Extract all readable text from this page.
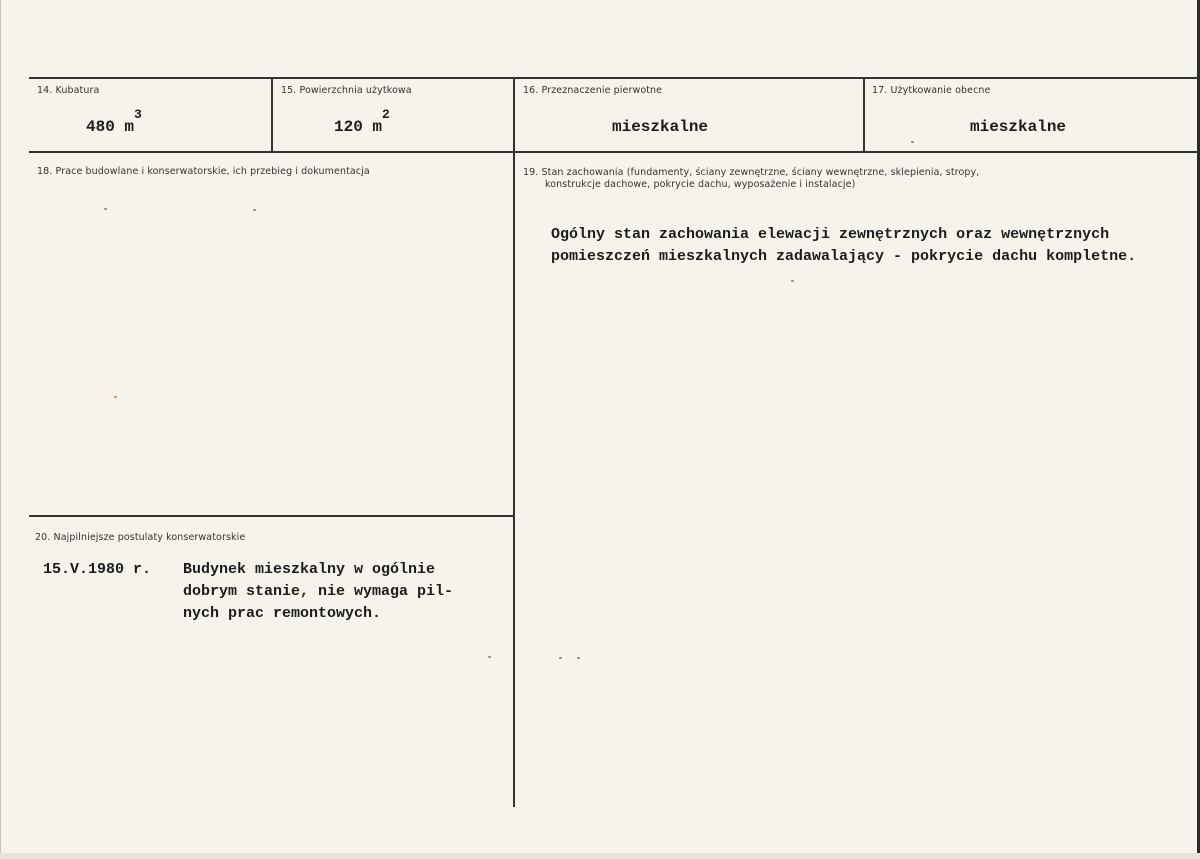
14. Kubatura
480 $m^3$
15. Powierzchnia użytkowa
120 $m^2$
16. Przeznaczenie pierwotne
mieszkalne
17. Użytkowanie obecne
mieszkalne
18. Prace budowlane i konserwatorskie, ich przebieg i dokumentacja	19. Stan zachowania (fundamenty, ściany zewnętrzne, ściany wewnętrzne, sklepienia, stropy,
konstrukcje dachowe, pokrycie dachu, wyposażenie i instalacje)
Ogólny stan zachowania elewacji zewnętrznych oraz wewnętrznych
pomieszczeń mieszkalnych zadawalający - pokrycie dachu kompletne.
20. Najpilniejsze postulaty konserwatorskie
15.V.1980 r. Budynek mieszkalny w ogólnie
dobrym stanie, nie wymaga pil-
nych prac remontowych.
